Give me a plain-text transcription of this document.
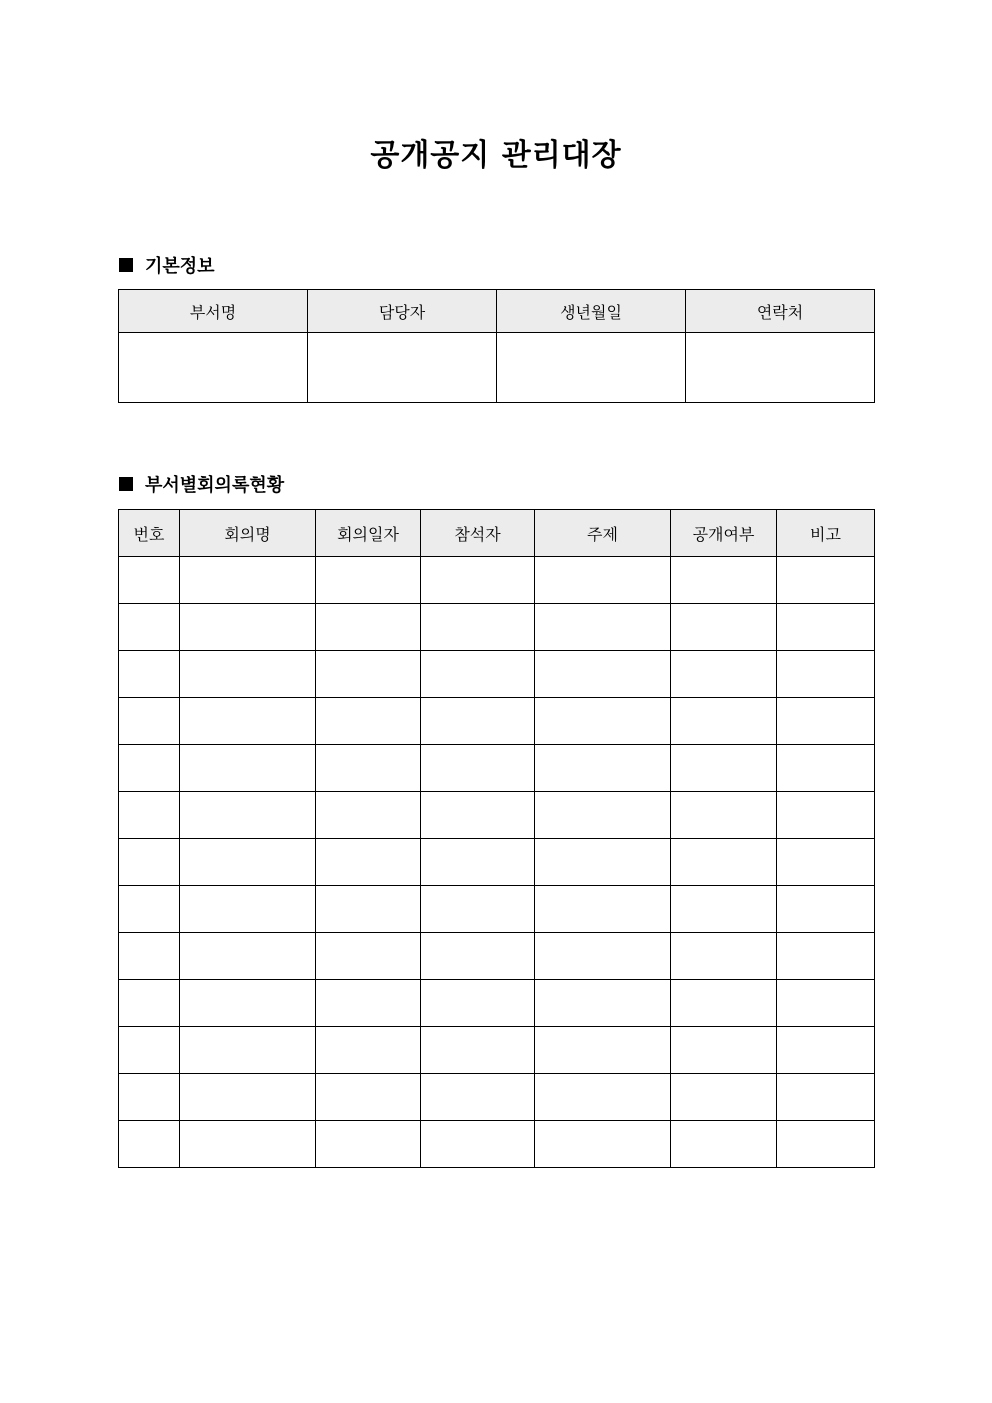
공개공지 관리대장
기본정보
부서명	담당자	생년월일	연락처

부서별회의록현황
번호	회의명	회의일자	참석자	주제	공개여부	비고
